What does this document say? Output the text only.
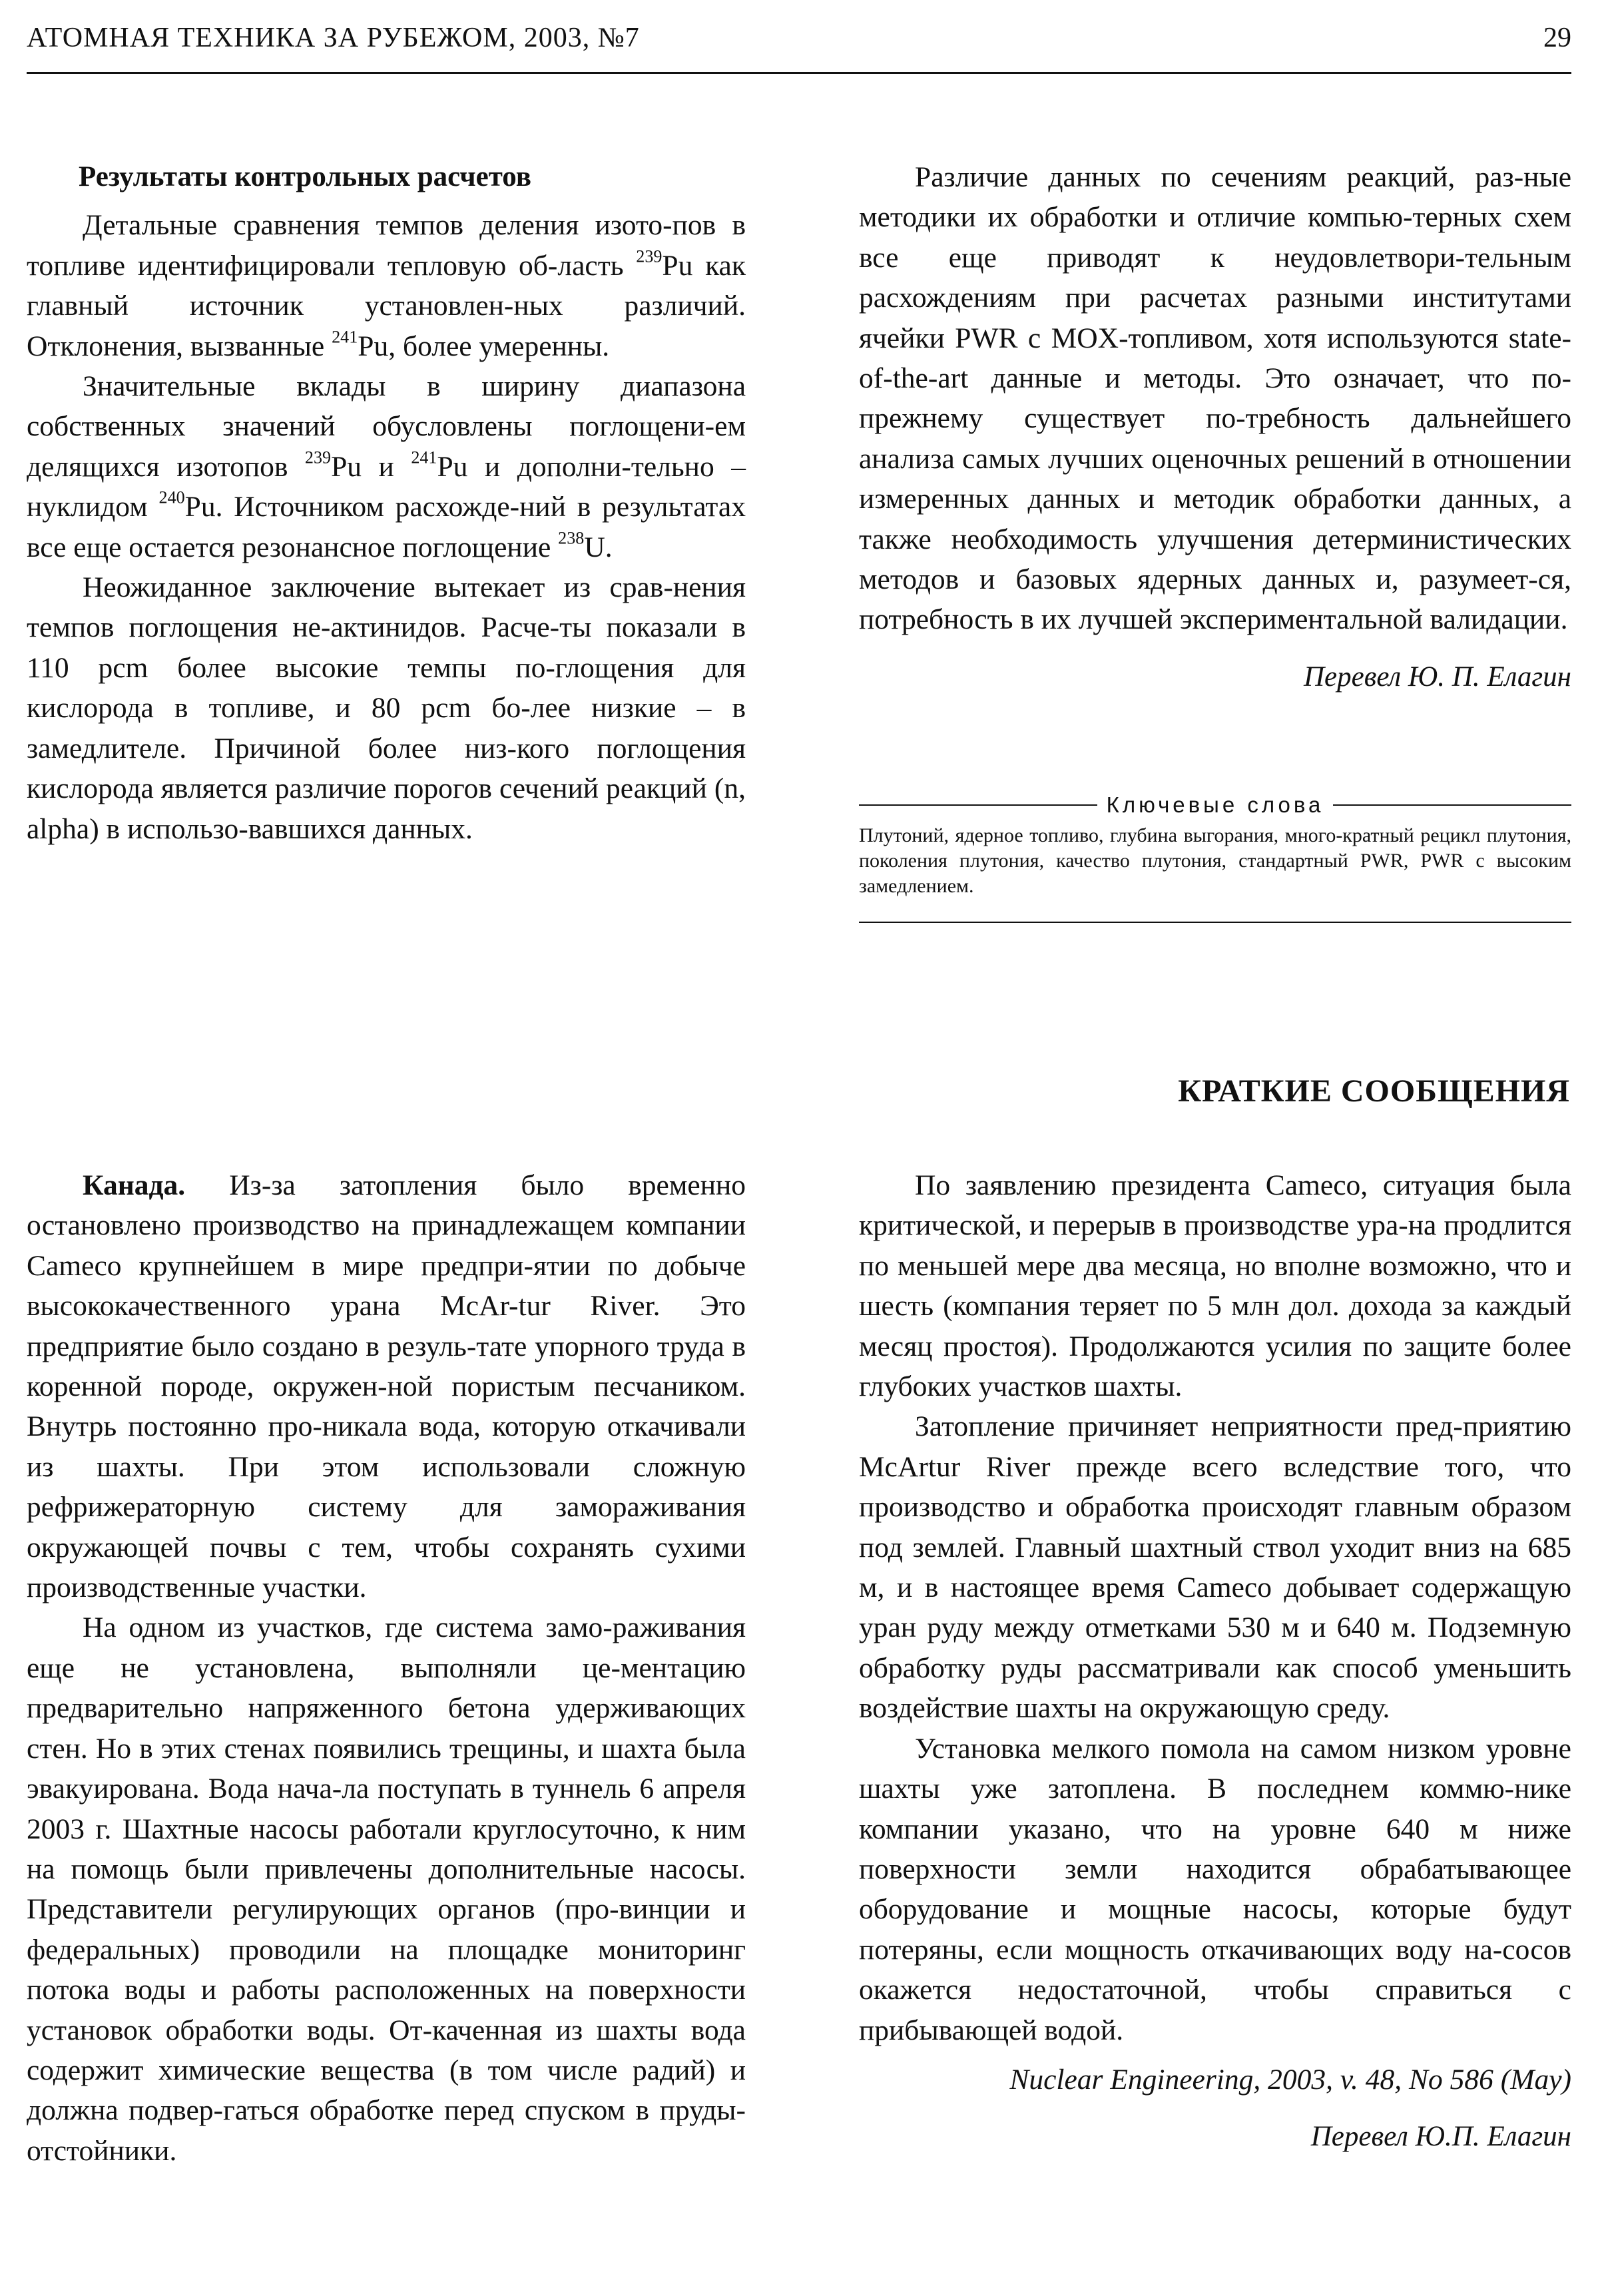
АТОМНАЯ ТЕХНИКА ЗА РУБЕЖОМ, 2003, №7	29

Результаты контрольных расчетов

Детальные сравнения темпов деления изото-пов в топливе идентифицировали тепловую об-ласть $^{239}$Pu как главный источник установлен-ных различий. Отклонения, вызванные $^{241}$Pu, более умеренны.

Значительные вклады в ширину диапазона собственных значений обусловлены поглощени-ем делящихся изотопов $^{239}$Pu и $^{241}$Pu и дополни-тельно – нуклидом $^{240}$Pu. Источником расхожде-ний в результатах все еще остается резонансное поглощение $^{238}$U.

Неожиданное заключение вытекает из срав-нения темпов поглощения не-актинидов. Расче-ты показали в 110 pcm более высокие темпы по-глощения для кислорода в топливе, и 80 pcm бо-лее низкие – в замедлителе. Причиной более низ-кого поглощения кислорода является различие порогов сечений реакций (n, alpha) в использо-вавшихся данных.

Различие данных по сечениям реакций, раз-ные методики их обработки и отличие компью-терных схем все еще приводят к неудовлетвори-тельным расхождениям при расчетах разными институтами ячейки PWR с MOX-топливом, хотя используются state-of-the-art данные и методы. Это означает, что по-прежнему существует по-требность дальнейшего анализа самых лучших оценочных решений в отношении измеренных данных и методик обработки данных, а также необходимость улучшения детерминистических методов и базовых ядерных данных и, разумеет-ся, потребность в их лучшей экспериментальной валидации.

Перевел Ю. П. Елагин

Ключевые слова
Плутоний, ядерное топливо, глубина выгорания, много-кратный рецикл плутония, поколения плутония, качество плутония, стандартный PWR, PWR с высоким замедлением.
КРАТКИЕ СООБЩЕНИЯ

Канада. Из-за затопления было временно остановлено производство на принадлежащем компании Cameco крупнейшем в мире предпри-ятии по добыче высококачественного урана McAr-tur River. Это предприятие было создано в резуль-тате упорного труда в коренной породе, окружен-ной пористым песчаником. Внутрь постоянно про-никала вода, которую откачивали из шахты. При этом использовали сложную рефрижераторную систему для замораживания окружающей почвы с тем, чтобы сохранять сухими производственные участки.

На одном из участков, где система замо-раживания еще не установлена, выполняли це-ментацию предварительно напряженного бетона удерживающих стен. Но в этих стенах появились трещины, и шахта была эвакуирована. Вода нача-ла поступать в туннель 6 апреля 2003 г. Шахтные насосы работали круглосуточно, к ним на помощь были привлечены дополнительные насосы. Представители регулирующих органов (про-винции и федеральных) проводили на площадке мониторинг потока воды и работы расположенных на поверхности установок обработки воды. От-каченная из шахты вода содержит химические вещества (в том числе радий) и должна подвер-гаться обработке перед спуском в пруды-отстойники.

По заявлению президента Cameco, ситуация была критической, и перерыв в производстве ура-на продлится по меньшей мере два месяца, но вполне возможно, что и шесть (компания теряет по 5 млн дол. дохода за каждый месяц простоя). Продолжаются усилия по защите более глубоких участков шахты.

Затопление причиняет неприятности пред-приятию McArtur River прежде всего вследствие того, что производство и обработка происходят главным образом под землей. Главный шахтный ствол уходит вниз на 685 м, и в настоящее время Cameco добывает содержащую уран руду между отметками 530 м и 640 м. Подземную обработку руды рассматривали как способ уменьшить воздействие шахты на окружающую среду.

Установка мелкого помола на самом низком уровне шахты уже затоплена. В последнем коммю-нике компании указано, что на уровне 640 м ниже поверхности земли находится обрабатывающее оборудование и мощные насосы, которые будут потеряны, если мощность откачивающих воду на-сосов окажется недостаточной, чтобы справиться с прибывающей водой.

Nuclear Engineering, 2003, v. 48, No 586 (May)

Перевел Ю.П. Елагин
